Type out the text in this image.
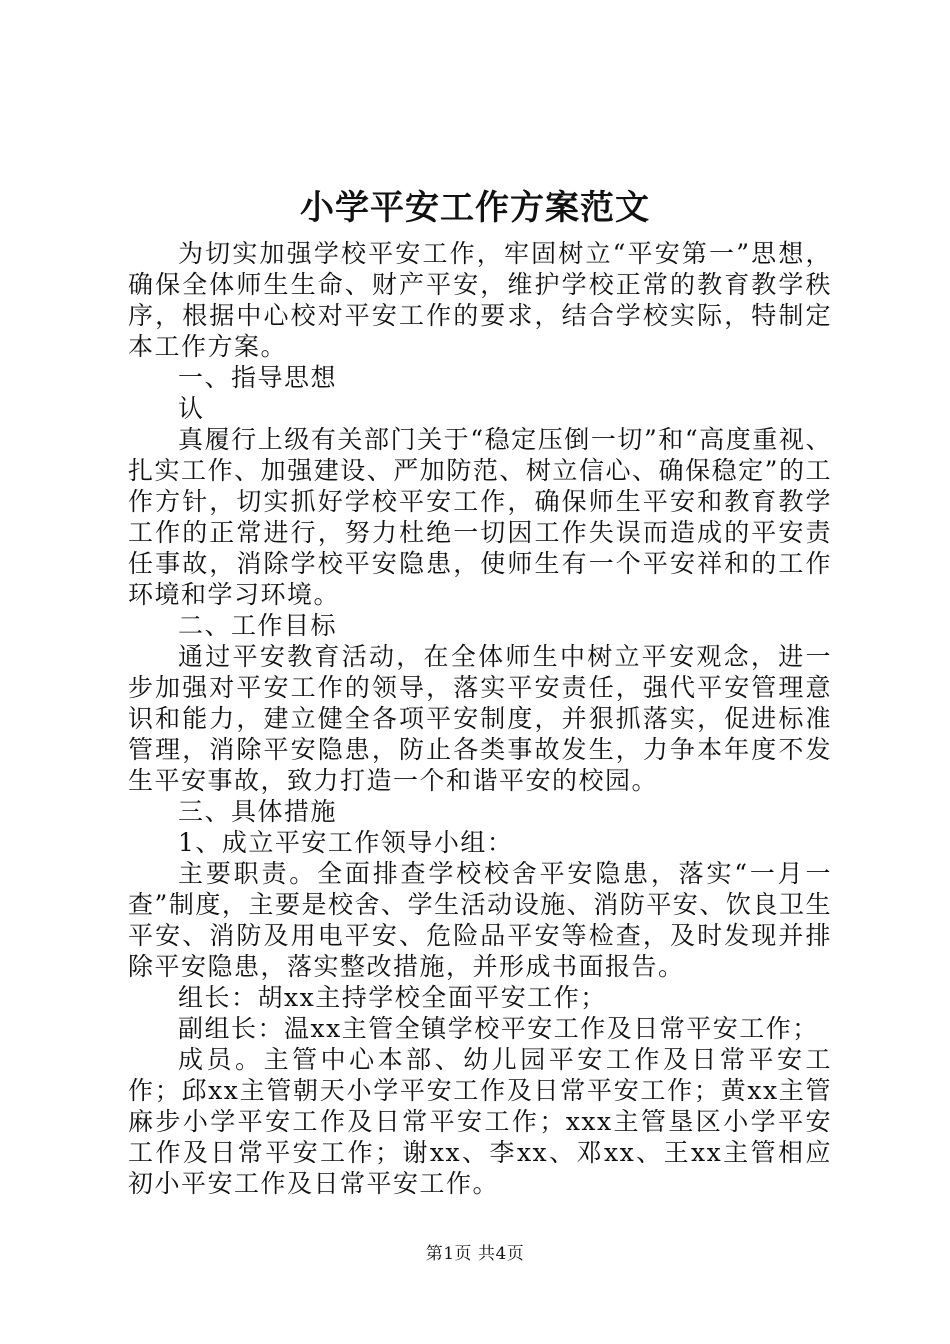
小学平安工作方案范文

为切实加强学校平安工作，牢固树立“平安第一”思想，确保全体师生生命、财产平安，维护学校正常的教育教学秩序，根据中心校对平安工作的要求，结合学校实际，特制定本工作方案。

一、指导思想

认

真履行上级有关部门关于“稳定压倒一切”和“高度重视、扎实工作、加强建设、严加防范、树立信心、确保稳定”的工作方针，切实抓好学校平安工作，确保师生平安和教育教学工作的正常进行，努力杜绝一切因工作失误而造成的平安责任事故，消除学校平安隐患，使师生有一个平安祥和的工作环境和学习环境。

二、工作目标

通过平安教育活动，在全体师生中树立平安观念，进一步加强对平安工作的领导，落实平安责任，强代平安管理意识和能力，建立健全各项平安制度，并狠抓落实，促进标准管理，消除平安隐患，防止各类事故发生，力争本年度不发生平安事故，致力打造一个和谐平安的校园。

三、具体措施

1、成立平安工作领导小组：

主要职责。全面排查学校校舍平安隐患，落实“一月一查”制度，主要是校舍、学生活动设施、消防平安、饮良卫生平安、消防及用电平安、危险品平安等检查，及时发现并排除平安隐患，落实整改措施，并形成书面报告。

组长：胡xx主持学校全面平安工作；

副组长：温xx主管全镇学校平安工作及日常平安工作；

成员。主管中心本部、幼儿园平安工作及日常平安工作；邱xx主管朝天小学平安工作及日常平安工作；黄xx主管麻步小学平安工作及日常平安工作；xxx主管垦区小学平安工作及日常平安工作；谢xx、李xx、邓xx、王xx主管相应初小平安工作及日常平安工作。

第1页 共4页
